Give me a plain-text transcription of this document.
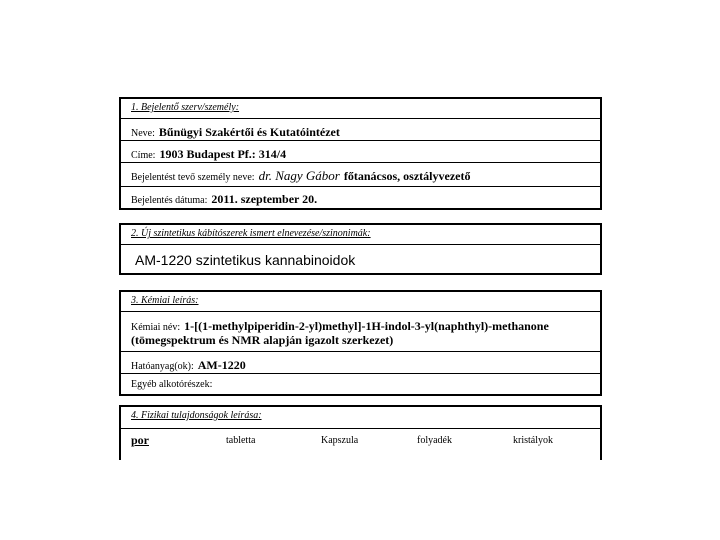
1. Bejelentő szerv/személy:
Neve: Bűnügyi Szakértői és Kutatóintézet
Címe: 1903 Budapest Pf.: 314/4
Bejelentést tevő személy neve: dr. Nagy Gábor főtanácsos, osztályvezető
Bejelentés dátuma: 2011. szeptember 20.
2. Új szintetikus kábítószerek ismert elnevezése/szinonimák:
AM-1220 szintetikus kannabinoidok
3. Kémiai leírás:
Kémiai név: 1-[(1-methylpiperidin-2-yl)methyl]-1H-indol-3-yl(naphthyl)-methanone
(tömegspektrum és NMR alapján igazolt szerkezet)
Hatóanyag(ok): AM-1220
Egyéb alkotórészek:
4. Fizikai tulajdonságok leírása:
por	tabletta	Kapszula	folyadék	kristályok
